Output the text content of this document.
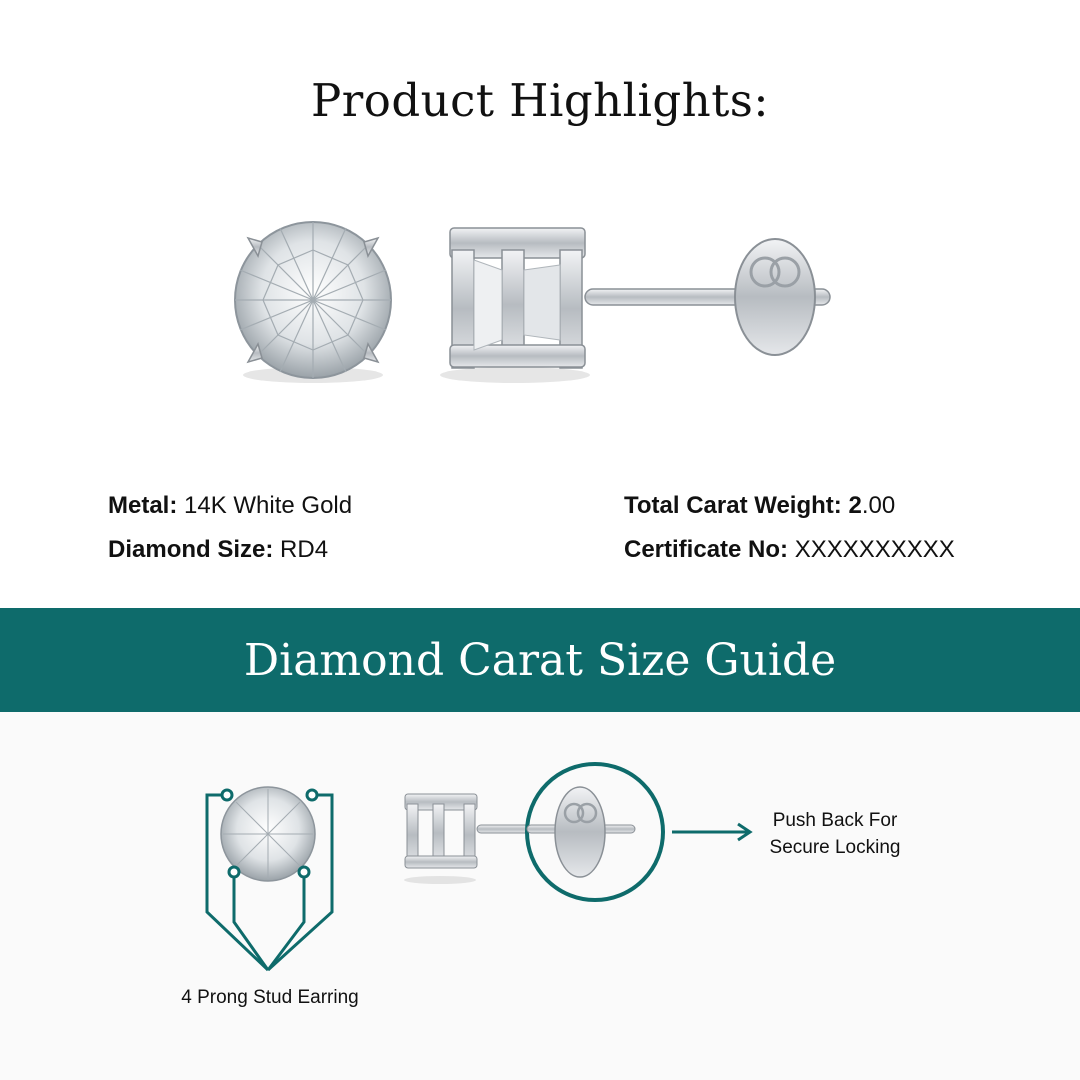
Product Highlights:
Metal: 14K White Gold
Diamond Size: RD4
Total Carat Weight: 2.00
Certificate No: XXXXXXXXXX
Diamond Carat Size Guide
4 Prong Stud Earring
Push Back For
Secure Locking
